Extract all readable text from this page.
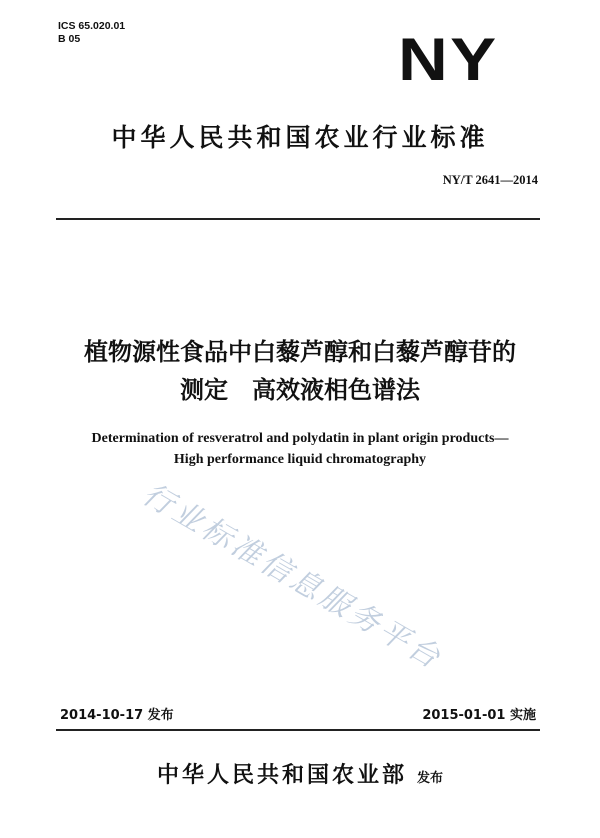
ICS 65.020.01
B 05	NY
中华人民共和国农业行业标准
NY/T 2641—2014
植物源性食品中白藜芦醇和白藜芦醇苷的
测定　高效液相色谱法
Determination of resveratrol and polydatin in plant origin products—
High performance liquid chromatography
行业标准信息服务平台
2014-10-17 发布	2015-01-01 实施
中华人民共和国农业部 发布
